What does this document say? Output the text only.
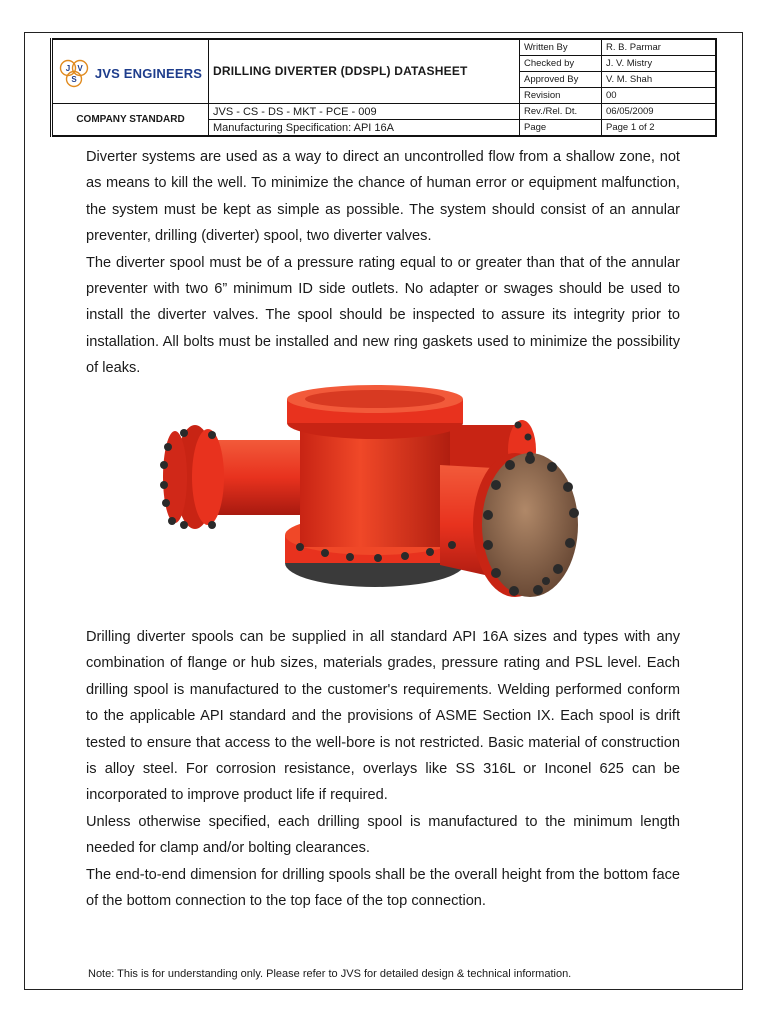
J V
S JVS ENGINEERS	DRILLING DIVERTER (DDSPL) DATASHEET	Written By	R. B. Parmar
		Checked by	J. V. Mistry
		Approved By	V. M. Shah
		Revision	00
COMPANY STANDARD	JVS - CS - DS - MKT - PCE - 009	Rev./Rel. Dt.	06/05/2009
	Manufacturing Specification: API 16A	Page	Page 1 of 2

Diverter systems are used as a way to direct an uncontrolled flow from a shallow zone, not as means to kill the well. To minimize the chance of human error or equipment malfunction, the system must be kept as simple as possible. The system should consist of an annular preventer, drilling (diverter) spool, two diverter valves.

The diverter spool must be of a pressure rating equal to or greater than that of the annular preventer with two 6” minimum ID side outlets. No adapter or swages should be used to install the diverter valves. The spool should be inspected to assure its integrity prior to installation. All bolts must be installed and new ring gaskets used to minimize the possibility of leaks.

Drilling diverter spools can be supplied in all standard API 16A sizes and types with any combination of flange or hub sizes, materials grades, pressure rating and PSL level. Each drilling spool is manufactured to the customer's requirements. Welding performed conform to the applicable API standard and the provisions of ASME Section IX. Each spool is drift tested to ensure that access to the well-bore is not restricted. Basic material of construction is alloy steel. For corrosion resistance, overlays like SS 316L or Inconel 625 can be incorporated to improve product life if required.

Unless otherwise specified, each drilling spool is manufactured to the minimum length needed for clamp and/or bolting clearances.

The end-to-end dimension for drilling spools shall be the overall height from the bottom face of the bottom connection to the top face of the top connection.

Note: This is for understanding only. Please refer to JVS for detailed design & technical information.
